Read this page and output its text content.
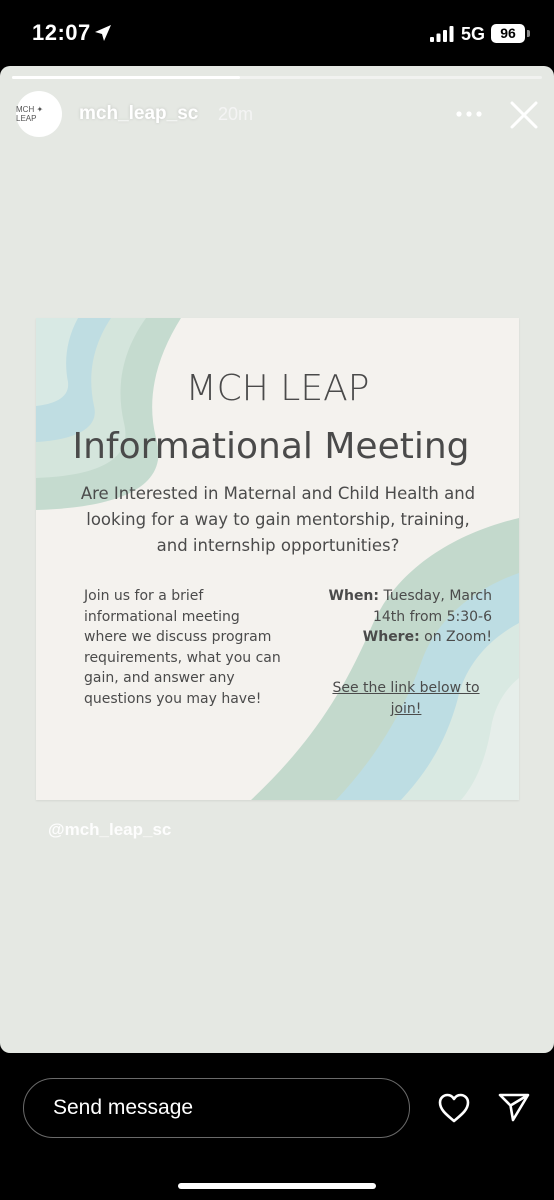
12:07	5G	96
MCH ✦ LEAP	mch_leap_sc 20m
MCH LEAP
Informational Meeting
Are Interested in Maternal and Child Health and looking for a way to gain mentorship, training, and internship opportunities?
Join us for a brief informational meeting where we discuss program requirements, what you can gain, and answer any questions you may have!
When: Tuesday, March 14th from 5:30-6
Where: on Zoom!
See the link below to join!
@mch_leap_sc
Send message
